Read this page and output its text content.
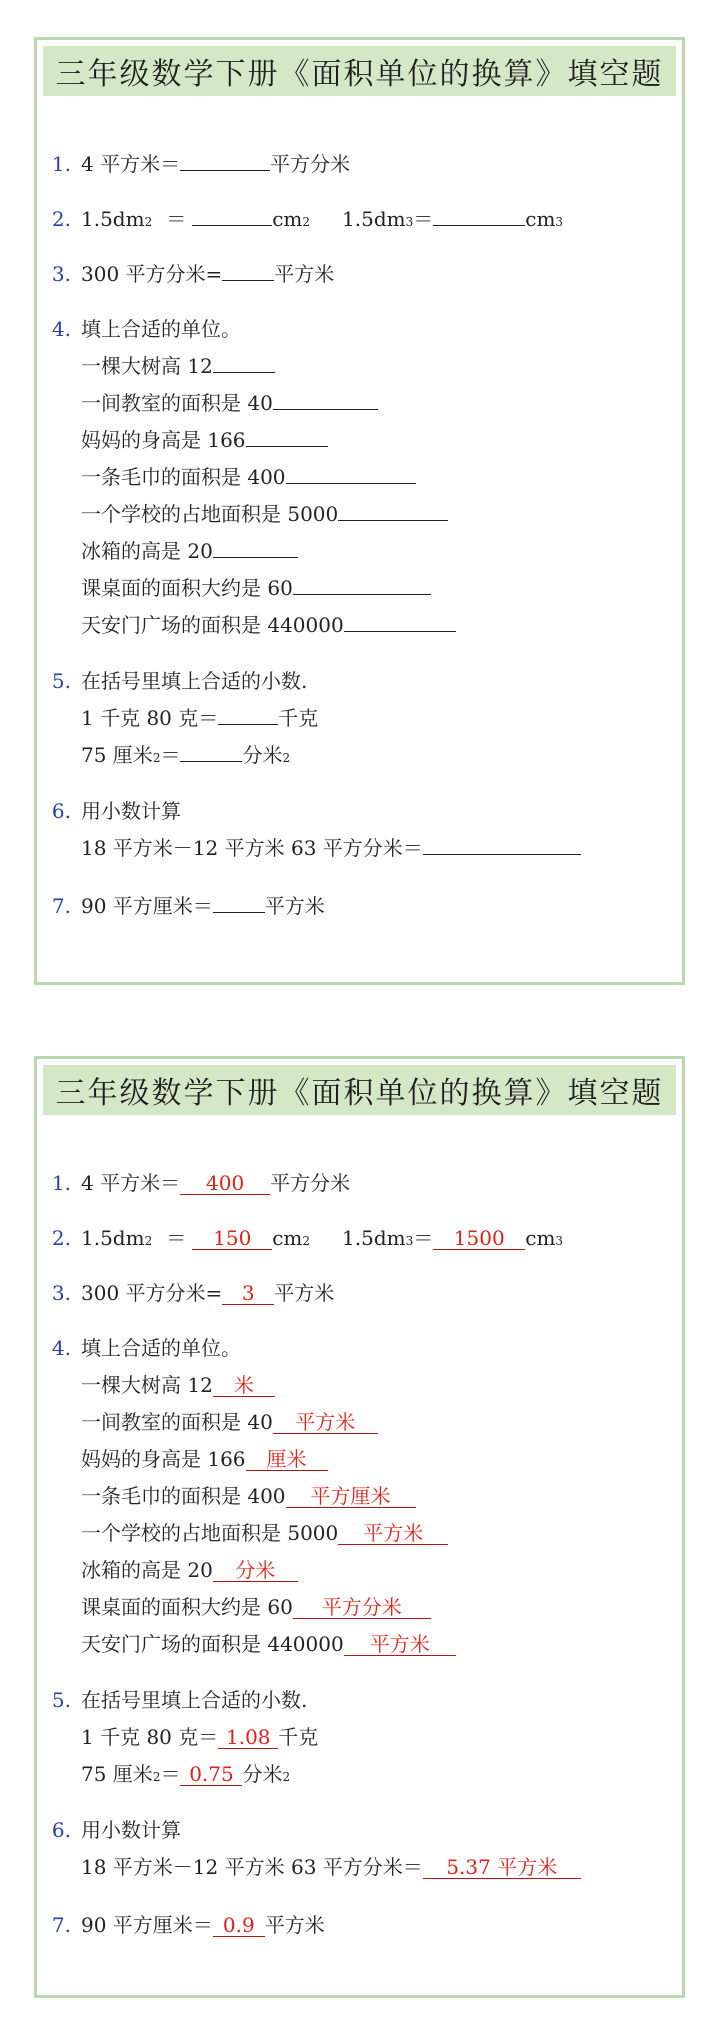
三年级数学下册《面积单位的换算》填空题
1. 4 平方米＝	平方分米
2. 1.5dm 2 ＝	cm 2	1.5dm 3 ＝	cm 3
3. 300 平方分米=	平方米
4. 填上合适的单位。
一棵大树高 12
一间教室的面积是 40
妈妈的身高是 166
一条毛巾的面积是 400
一个学校的占地面积是 5000
冰箱的高是 20
课桌面的面积大约是 60
天安门广场的面积是 440000
5. 在括号里填上合适的小数.
1 千克 80 克＝	千克
75 厘米 2 ＝	分米 2
6. 用小数计算
18 平方米－12 平方米 63 平方分米＝
7. 90 平方厘米＝	平方米
三年级数学下册《面积单位的换算》填空题
1. 4 平方米＝	400	平方分米
2. 1.5dm 2 ＝	150	cm 2	1.5dm 3 ＝	1500	cm 3
3. 300 平方分米= 3 平方米
4. 填上合适的单位。
一棵大树高 12	米
一间教室的面积是 40	平方米
妈妈的身高是 166	厘米
一条毛巾的面积是 400	平方厘米
一个学校的占地面积是 5000	平方米
冰箱的高是 20	分米
课桌面的面积大约是 60	平方分米
天安门广场的面积是 440000	平方米
5. 在括号里填上合适的小数.
1 千克 80 克＝ 1.08 千克
75 厘米 2 ＝ 0.75 分米 2
6. 用小数计算
18 平方米－12 平方米 63 平方分米＝	5.37 平方米
7. 90 平方厘米＝ 0.9 平方米
